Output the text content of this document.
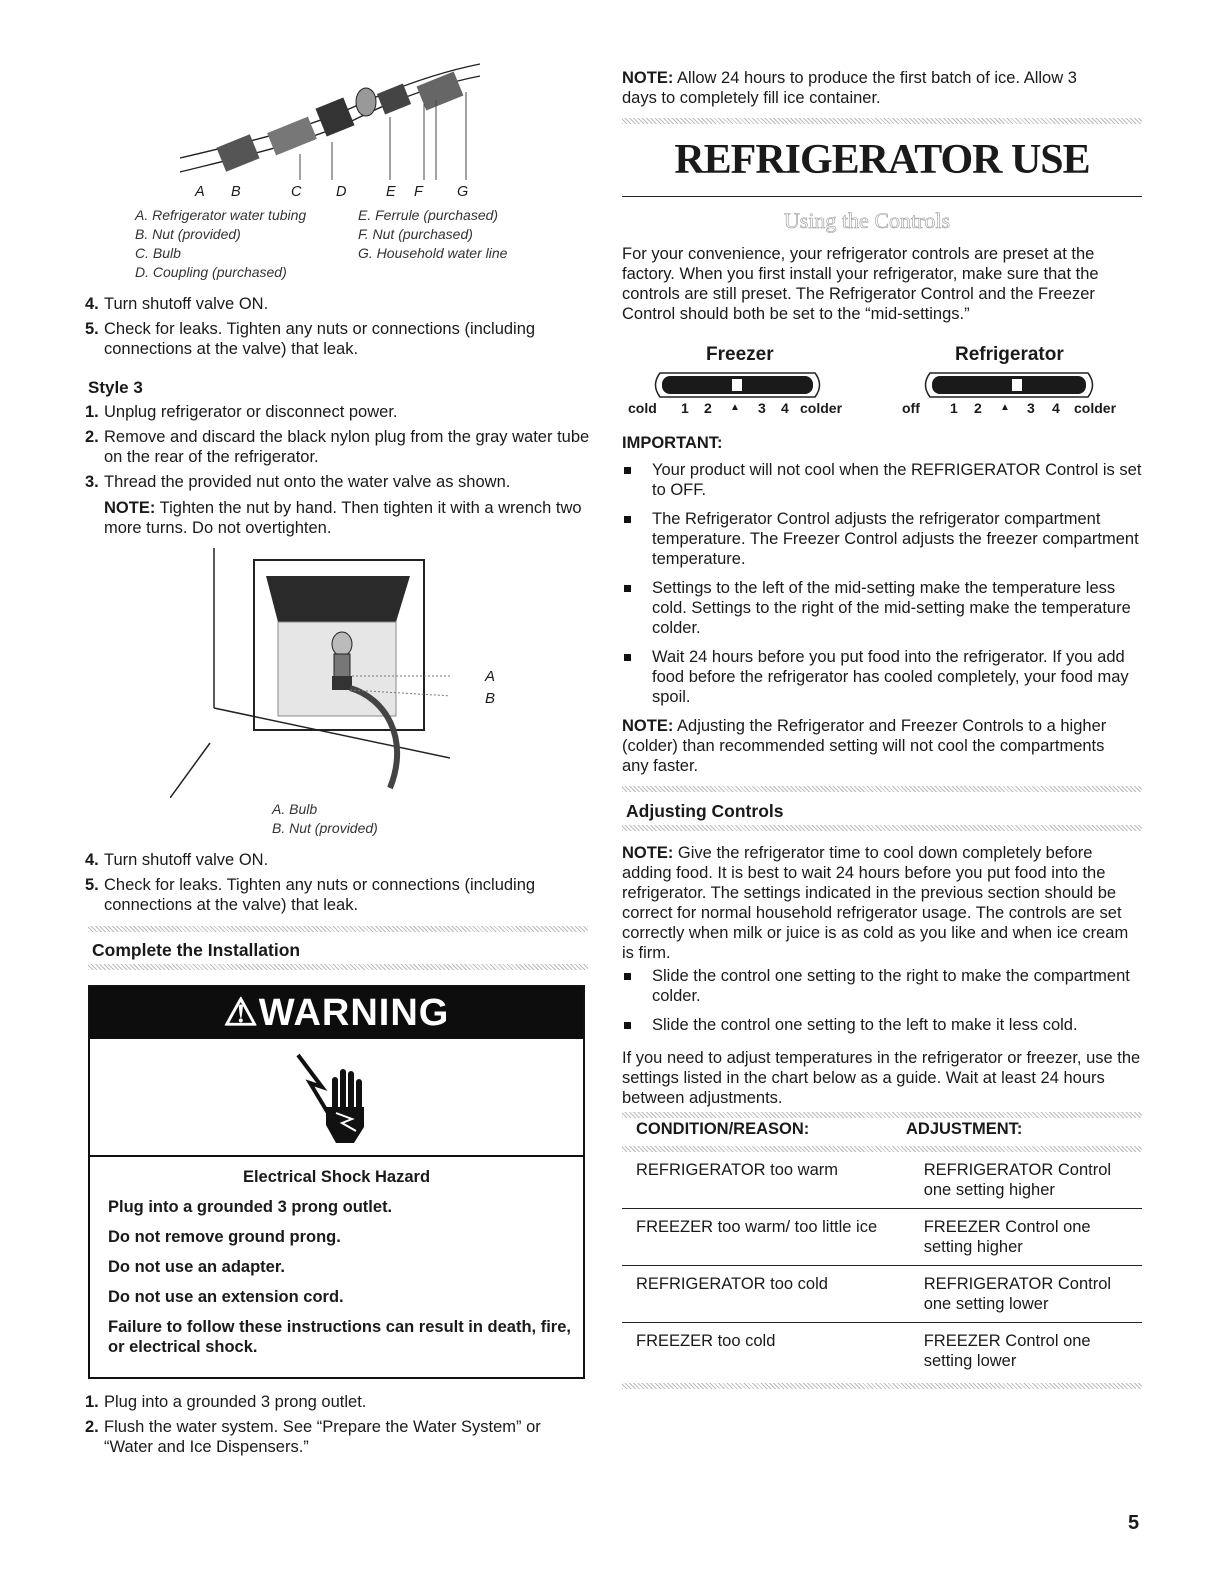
A B	C D	E F G
A. Refrigerator water tubing
B. Nut (provided)
C. Bulb
D. Coupling (purchased)
E. Ferrule (purchased)
F. Nut (purchased)
G. Household water line
4. Turn shutoff valve ON.
5. Check for leaks. Tighten any nuts or connections (including connections at the valve) that leak.
Style 3
1. Unplug refrigerator or disconnect power.
2. Remove and discard the black nylon plug from the gray water tube on the rear of the refrigerator.
3. Thread the provided nut onto the water valve as shown.
NOTE: Tighten the nut by hand. Then tighten it with a wrench two more turns. Do not overtighten.
A
B
A. Bulb
B. Nut (provided)
4. Turn shutoff valve ON.
5. Check for leaks. Tighten any nuts or connections (including connections at the valve) that leak.
Complete the Installation
⚠WARNING
Electrical Shock Hazard
Plug into a grounded 3 prong outlet.
Do not remove ground prong.
Do not use an adapter.
Do not use an extension cord.
Failure to follow these instructions can result in death, fire, or electrical shock.
1. Plug into a grounded 3 prong outlet.
2. Flush the water system. See “Prepare the Water System” or “Water and Ice Dispensers.”
NOTE: Allow 24 hours to produce the first batch of ice. Allow 3 days to completely fill ice container.
REFRIGERATOR USE
Using the Controls
For your convenience, your refrigerator controls are preset at the factory. When you first install your refrigerator, make sure that the controls are still preset. The Refrigerator Control and the Freezer Control should both be set to the “mid-settings.”
Freezer	Refrigerator
cold 1 2 ▲ 3 4 colder	off 1 2 ▲ 3 4 colder
IMPORTANT:
Your product will not cool when the REFRIGERATOR Control is set to OFF.
The Refrigerator Control adjusts the refrigerator compartment temperature. The Freezer Control adjusts the freezer compartment temperature.
Settings to the left of the mid-setting make the temperature less cold. Settings to the right of the mid-setting make the temperature colder.
Wait 24 hours before you put food into the refrigerator. If you add food before the refrigerator has cooled completely, your food may spoil.
NOTE: Adjusting the Refrigerator and Freezer Controls to a higher (colder) than recommended setting will not cool the compartments any faster.
Adjusting Controls
NOTE: Give the refrigerator time to cool down completely before adding food. It is best to wait 24 hours before you put food into the refrigerator. The settings indicated in the previous section should be correct for normal household refrigerator usage. The controls are set correctly when milk or juice is as cold as you like and when ice cream is firm.
Slide the control one setting to the right to make the compartment colder.
Slide the control one setting to the left to make it less cold.
If you need to adjust temperatures in the refrigerator or freezer, use the settings listed in the chart below as a guide. Wait at least 24 hours between adjustments.
CONDITION/REASON:	ADJUSTMENT:
REFRIGERATOR too warm	REFRIGERATOR Control one setting higher
FREEZER too warm/ too little ice	FREEZER Control one setting higher
REFRIGERATOR too cold	REFRIGERATOR Control one setting lower
FREEZER too cold	FREEZER Control one setting lower
5
